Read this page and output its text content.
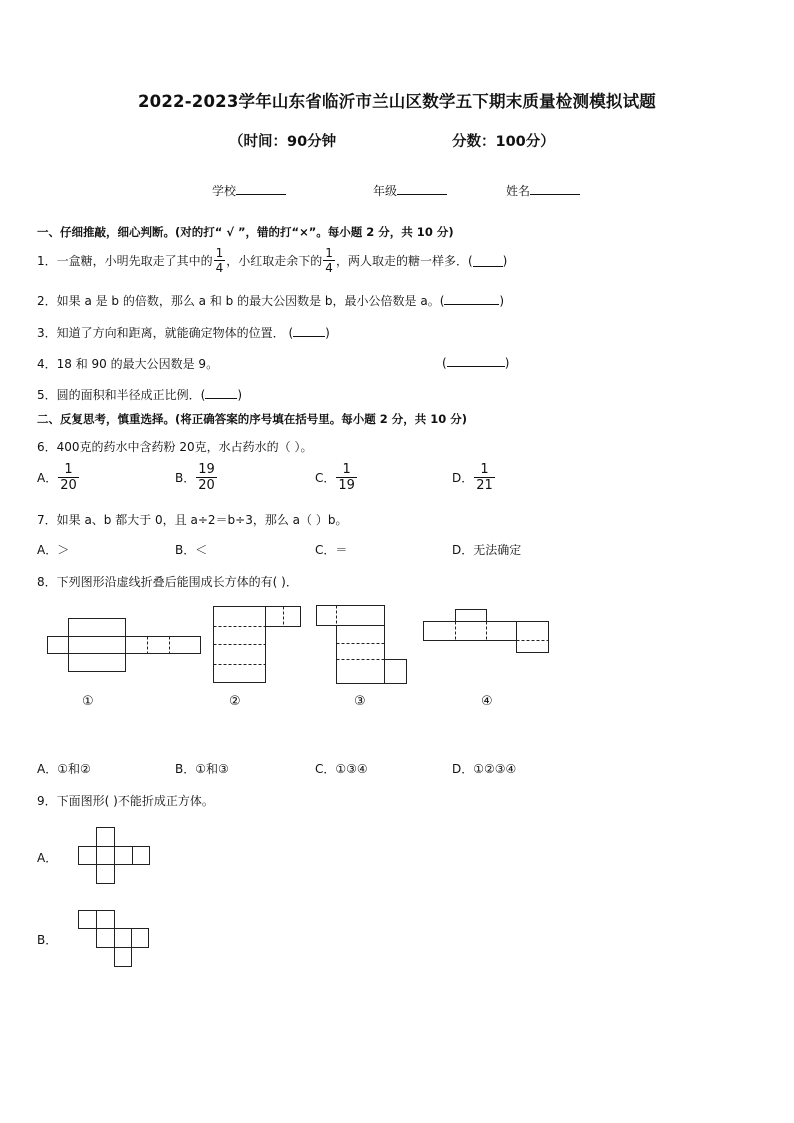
2022-2023学年山东省临沂市兰山区数学五下期末质量检测模拟试题
（时间：90分钟	分数：100分）
学校	年级	姓名
一、仔细推敲，细心判断。(对的打“ √ ”，错的打“×”。每小题 2 分，共 10 分)
1．一盒糖，小明先取走了其中的 $\frac{1}{4}$ ，小红取走余下的 $\frac{1}{4}$ ，两人取走的糖一样多．(	)
2．如果 a 是 b 的倍数，那么 a 和 b 的最大公因数是 b，最小公倍数是 a。(	)
3．知道了方向和距离，就能确定物体的位置． (	)
4．18 和 90 的最大公因数是 9。	(	)
5．圆的面积和半径成正比例．(	)
二、反复思考，慎重选择。(将正确答案的序号填在括号里。每小题 2 分，共 10 分)
6．400克的药水中含药粉 20克，水占药水的（ ）。
A． $\frac{1}{20}$	B． $\frac{19}{20}$	C． $\frac{1}{19}$	D． $\frac{1}{21}$
7．如果 a、b 都大于 0，且 a÷2＝b÷3，那么 a（ ）b。
A．＞	B．＜	C．＝	D．无法确定
8．下列图形沿虚线折叠后能围成长方体的有( )．
①	②	③	④
A．①和②	B．①和③	C．①③④	D．①②③④
9．下面图形( )不能折成正方体。
A．
B．
